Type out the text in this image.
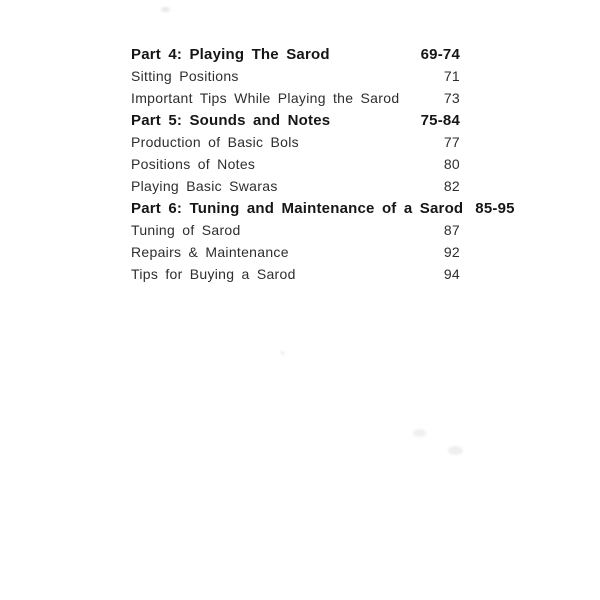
Part 4: Playing The Sarod	69-74
Sitting Positions	71
Important Tips While Playing the Sarod	73
Part 5: Sounds and Notes	75-84
Production of Basic Bols	77
Positions of Notes	80
Playing Basic Swaras	82
Part 6: Tuning and Maintenance of a Sarod 85-95
Tuning of Sarod	87
Repairs & Maintenance	92
Tips for Buying a Sarod	94
